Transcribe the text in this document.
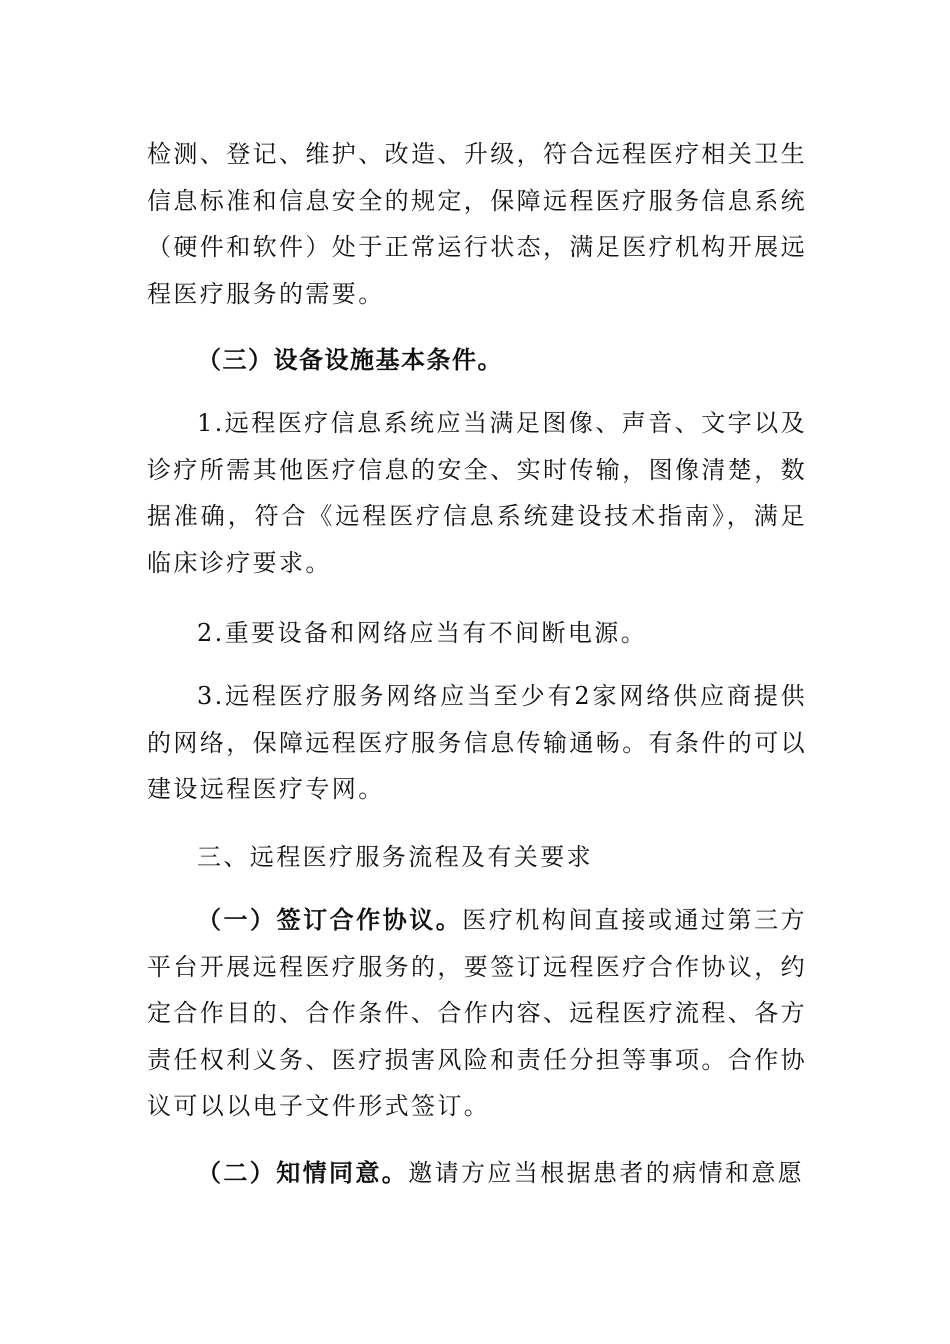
检测、登记、维护、改造、升级，符合远程医疗相关卫生信息标准和信息安全的规定，保障远程医疗服务信息系统（硬件和软件）处于正常运行状态，满足医疗机构开展远程医疗服务的需要。

（三）设备设施基本条件。

1.远程医疗信息系统应当满足图像、声音、文字以及诊疗所需其他医疗信息的安全、实时传输，图像清楚，数据准确，符合《远程医疗信息系统建设技术指南》，满足临床诊疗要求。

2.重要设备和网络应当有不间断电源。

3.远程医疗服务网络应当至少有2家网络供应商提供的网络，保障远程医疗服务信息传输通畅。有条件的可以建设远程医疗专网。

三、远程医疗服务流程及有关要求

（一）签订合作协议。医疗机构间直接或通过第三方平台开展远程医疗服务的，要签订远程医疗合作协议，约定合作目的、合作条件、合作内容、远程医疗流程、各方责任权利义务、医疗损害风险和责任分担等事项。合作协议可以以电子文件形式签订。

（二）知情同意。邀请方应当根据患者的病情和意愿
